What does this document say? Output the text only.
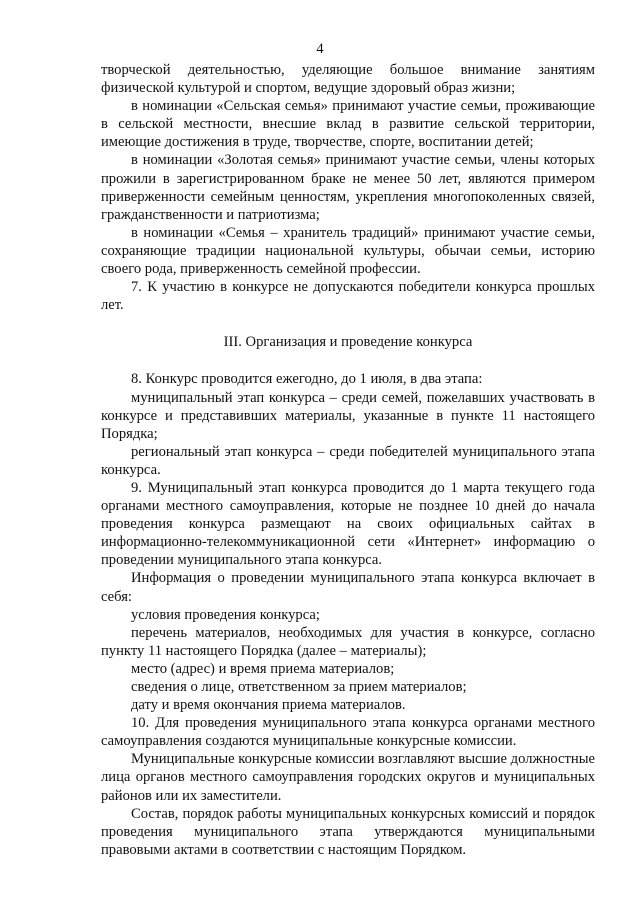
4

творческой деятельностью, уделяющие большое внимание занятиям физической культурой и спортом, ведущие здоровый образ жизни;

в номинации «Сельская семья» принимают участие семьи, проживающие в сельской местности, внесшие вклад в развитие сельской территории, имеющие достижения в труде, творчестве, спорте, воспитании детей;

в номинации «Золотая семья» принимают участие семьи, члены которых прожили в зарегистрированном браке не менее 50 лет, являются примером приверженности семейным ценностям, укрепления многопоколенных связей, гражданственности и патриотизма;

в номинации «Семья – хранитель традиций» принимают участие семьи, сохраняющие традиции национальной культуры, обычаи семьи, историю своего рода, приверженность семейной профессии.

7. К участию в конкурсе не допускаются победители конкурса прошлых лет.

III. Организация и проведение конкурса

8. Конкурс проводится ежегодно, до 1 июля, в два этапа:

муниципальный этап конкурса – среди семей, пожелавших участвовать в конкурсе и представивших материалы, указанные в пункте 11 настоящего Порядка;

региональный этап конкурса – среди победителей муниципального этапа конкурса.

9. Муниципальный этап конкурса проводится до 1 марта текущего года органами местного самоуправления, которые не позднее 10 дней до начала проведения конкурса размещают на своих официальных сайтах в информационно-телекоммуникационной сети «Интернет» информацию о проведении муниципального этапа конкурса.

Информация о проведении муниципального этапа конкурса включает в себя:

условия проведения конкурса;

перечень материалов, необходимых для участия в конкурсе, согласно пункту 11 настоящего Порядка (далее – материалы);

место (адрес) и время приема материалов;

сведения о лице, ответственном за прием материалов;

дату и время окончания приема материалов.

10. Для проведения муниципального этапа конкурса органами местного самоуправления создаются муниципальные конкурсные комиссии.

Муниципальные конкурсные комиссии возглавляют высшие должностные лица органов местного самоуправления городских округов и муниципальных районов или их заместители.

Состав, порядок работы муниципальных конкурсных комиссий и порядок проведения муниципального этапа утверждаются муниципальными правовыми актами в соответствии с настоящим Порядком.
